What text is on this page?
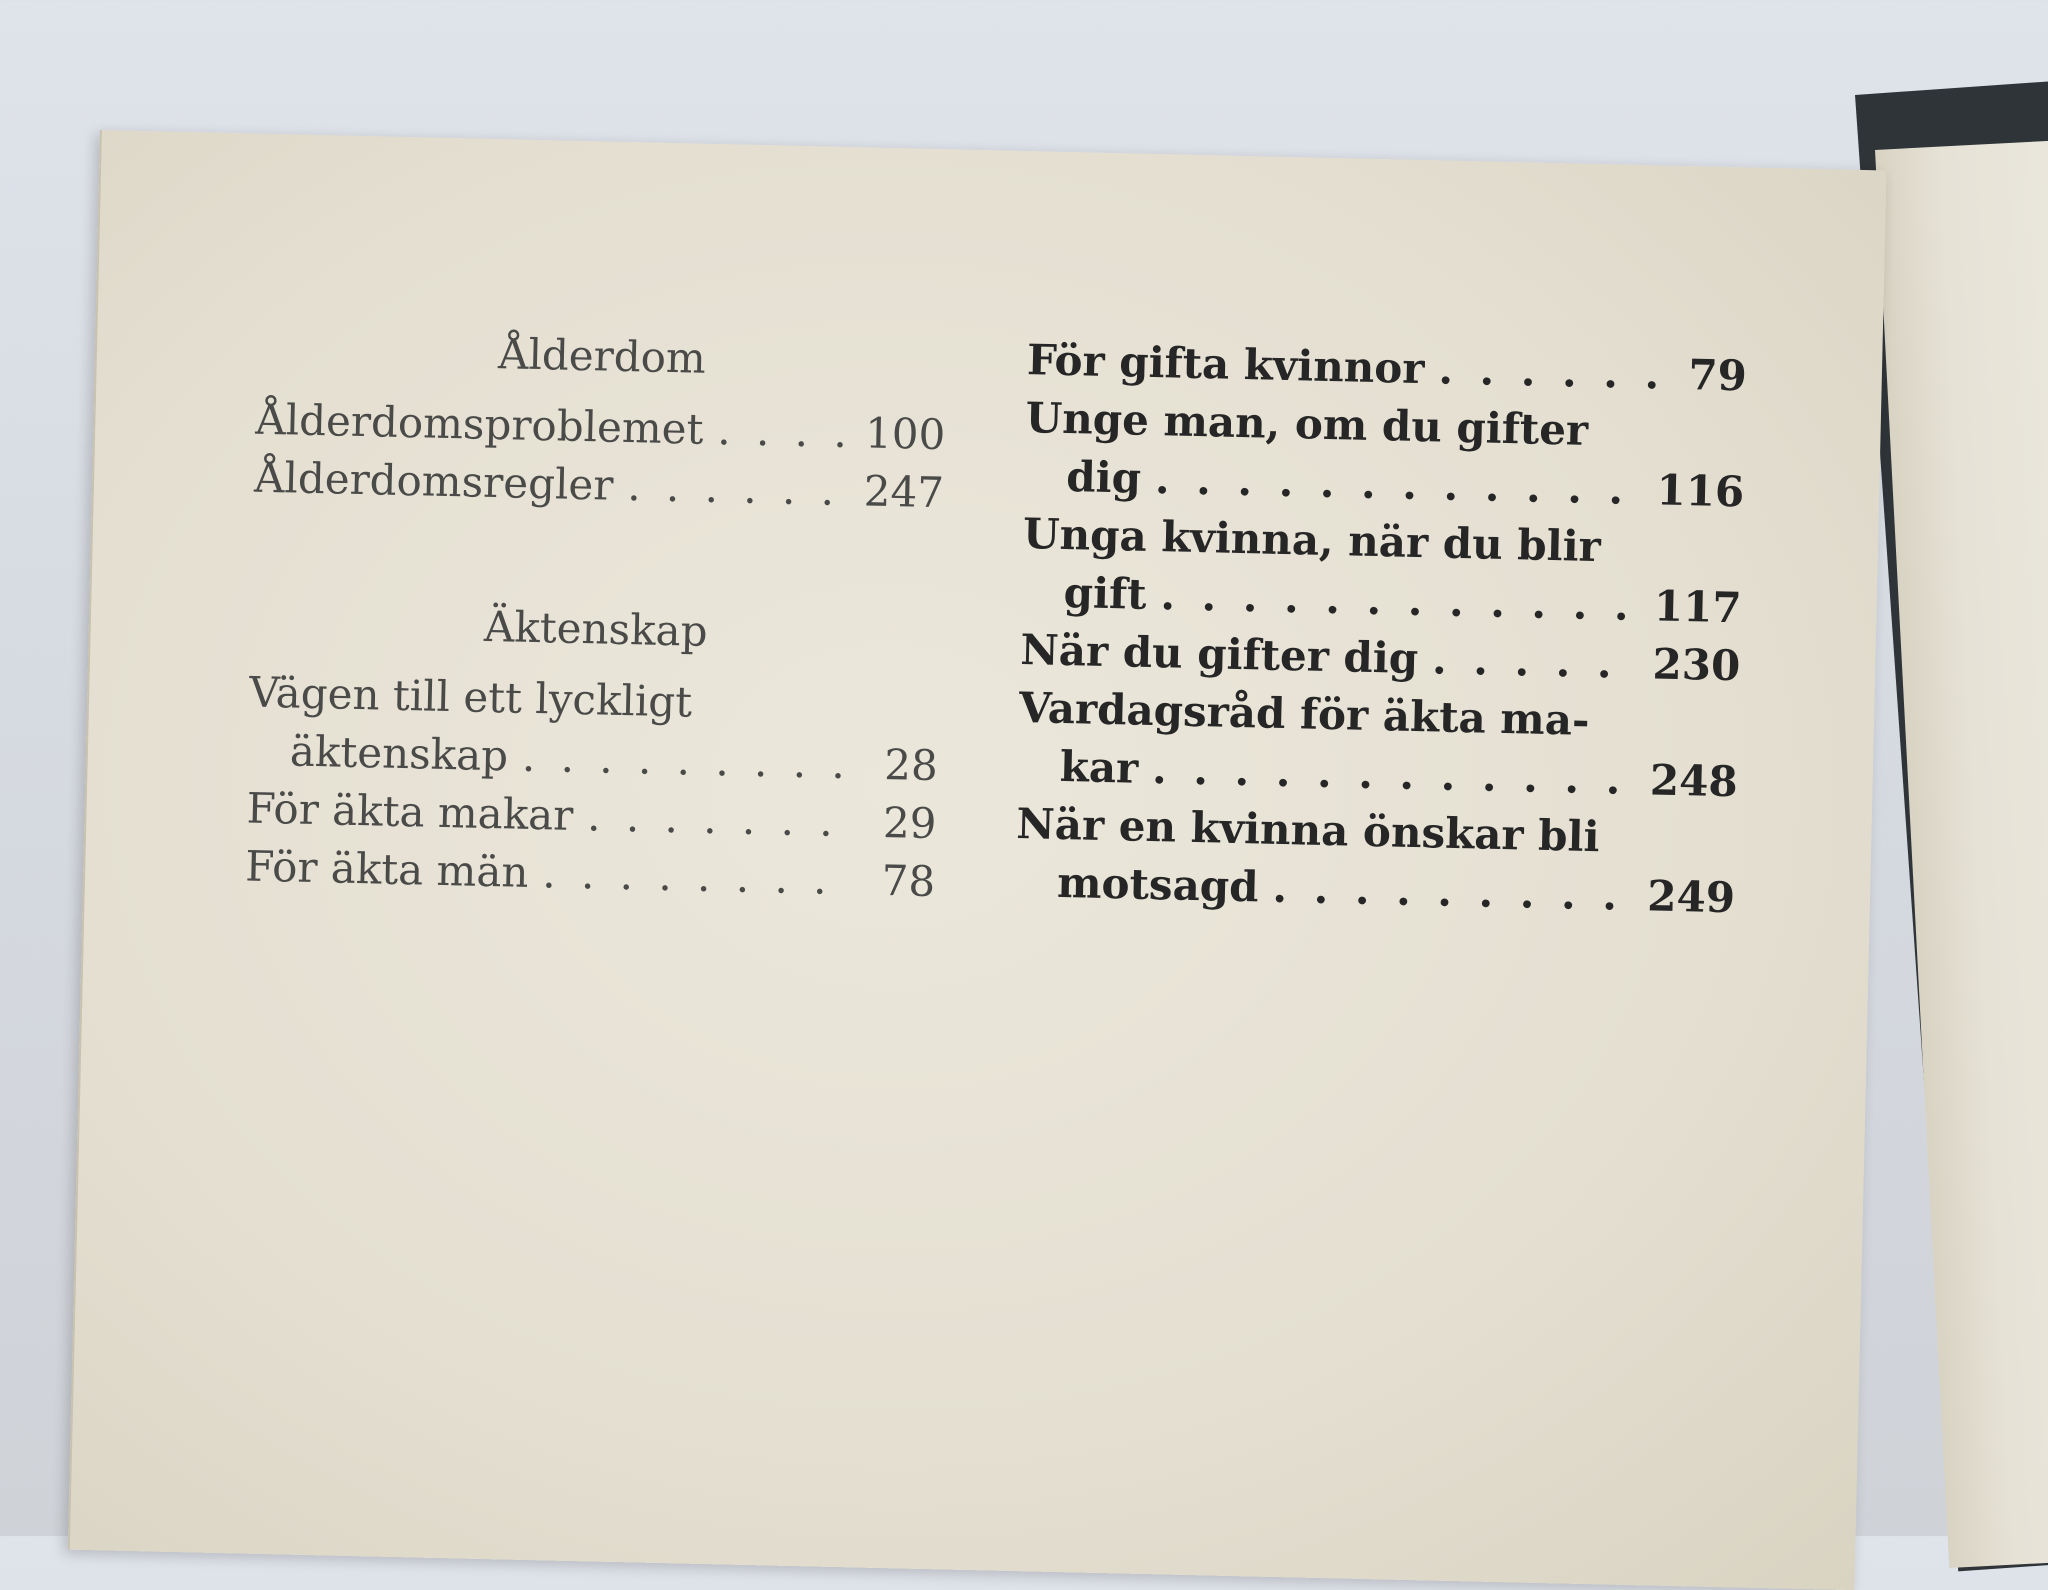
Ålderdom
Ålderdomsproblemet . . .	100
Ålderdomsregler . . .	247
Äktenskap
Vägen till ett lyckligt
äktenskap . . .	28
För äkta makar . . .	29
För äkta män . . .	78
För gifta kvinnor . . .	79
Unge man, om du gifter
dig . . .	116
Unga kvinna, när du blir
gift . . .	117
När du gifter dig . . .	230
Vardagsråd för äkta ma-
kar . . .	248
När en kvinna önskar bli
motsagd . . .	249
